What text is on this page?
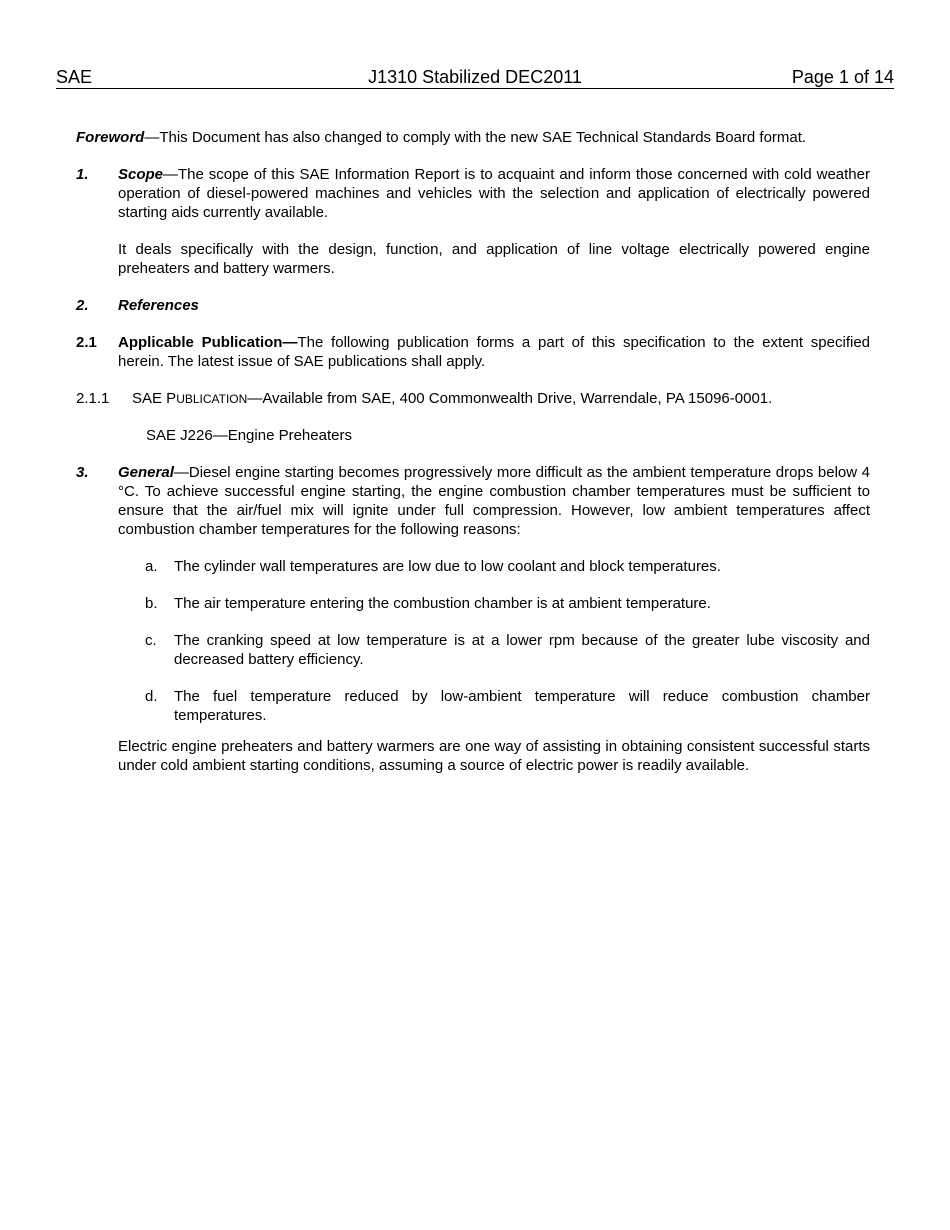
SAE	J1310 Stabilized DEC2011	Page 1 of 14
Foreword—This Document has also changed to comply with the new SAE Technical Standards Board format.
1. Scope—The scope of this SAE Information Report is to acquaint and inform those concerned with cold weather operation of diesel-powered machines and vehicles with the selection and application of electrically powered starting aids currently available.
It deals specifically with the design, function, and application of line voltage electrically powered engine preheaters and battery warmers.
2. References
2.1 Applicable Publication—The following publication forms a part of this specification to the extent specified herein. The latest issue of SAE publications shall apply.
2.1.1 SAE PUBLICATION—Available from SAE, 400 Commonwealth Drive, Warrendale, PA 15096-0001.
SAE J226—Engine Preheaters
3. General—Diesel engine starting becomes progressively more difficult as the ambient temperature drops below 4 °C. To achieve successful engine starting, the engine combustion chamber temperatures must be sufficient to ensure that the air/fuel mix will ignite under full compression. However, low ambient temperatures affect combustion chamber temperatures for the following reasons:
a. The cylinder wall temperatures are low due to low coolant and block temperatures.
b. The air temperature entering the combustion chamber is at ambient temperature.
c. The cranking speed at low temperature is at a lower rpm because of the greater lube viscosity and decreased battery efficiency.
d. The fuel temperature reduced by low-ambient temperature will reduce combustion chamber temperatures.
Electric engine preheaters and battery warmers are one way of assisting in obtaining consistent successful starts under cold ambient starting conditions, assuming a source of electric power is readily available.
